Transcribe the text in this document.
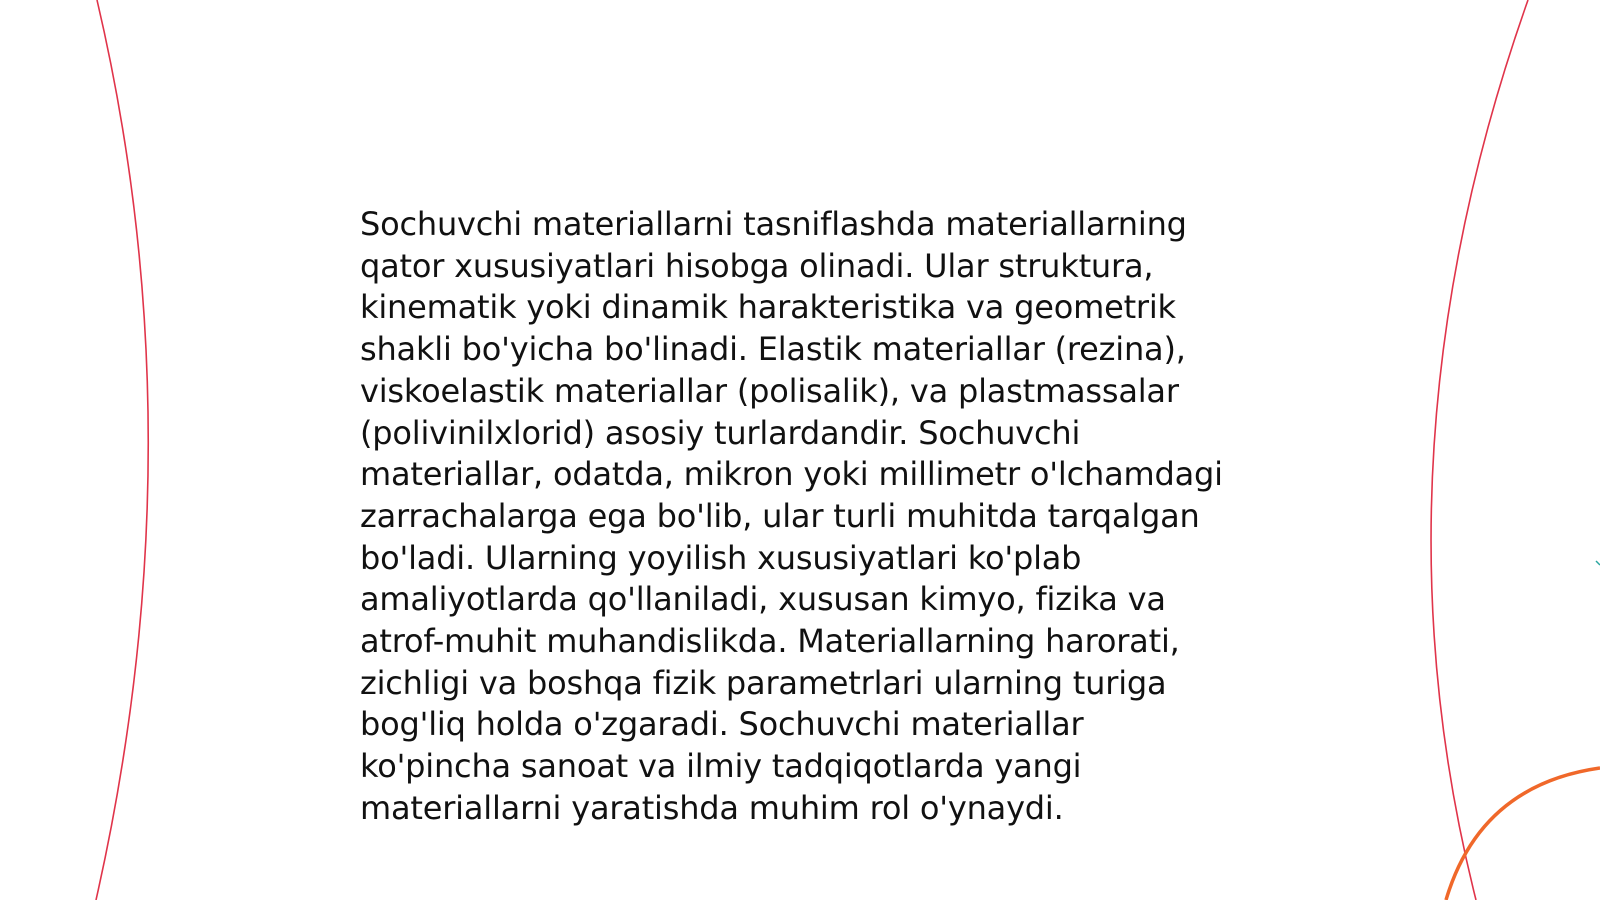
Sochuvchi materiallarni tasniflashda materiallarning
qator xususiyatlari hisobga olinadi. Ular struktura,
kinematik yoki dinamik harakteristika va geometrik
shakli bo'yicha bo'linadi. Elastik materiallar (rezina),
viskoelastik materiallar (polisalik), va plastmassalar
(polivinilxlorid) asosiy turlardandir. Sochuvchi
materiallar, odatda, mikron yoki millimetr o'lchamdagi
zarrachalarga ega bo'lib, ular turli muhitda tarqalgan
bo'ladi. Ularning yoyilish xususiyatlari ko'plab
amaliyotlarda qo'llaniladi, xususan kimyo, fizika va
atrof-muhit muhandislikda. Materiallarning harorati,
zichligi va boshqa fizik parametrlari ularning turiga
bog'liq holda o'zgaradi. Sochuvchi materiallar
ko'pincha sanoat va ilmiy tadqiqotlarda yangi
materiallarni yaratishda muhim rol o'ynaydi.
